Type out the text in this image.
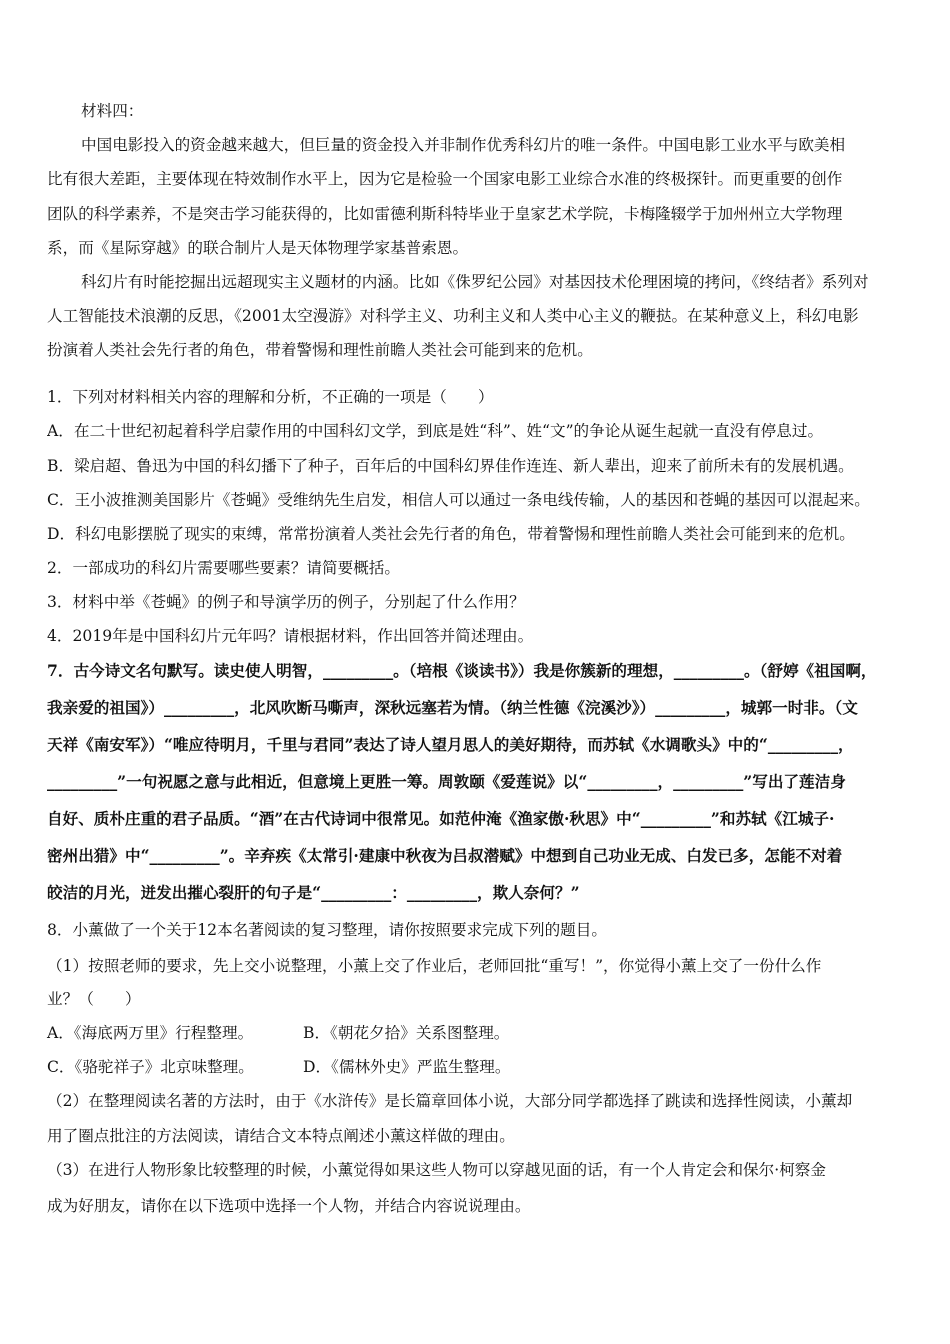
材料四：
中国电影投入的资金越来越大，但巨量的资金投入并非制作优秀科幻片的唯一条件。中国电影工业水平与欧美相
比有很大差距，主要体现在特效制作水平上，因为它是检验一个国家电影工业综合水准的终极探针。而更重要的创作
团队的科学素养，不是突击学习能获得的，比如雷德利斯科特毕业于皇家艺术学院，卡梅隆辍学于加州州立大学物理
系，而《星际穿越》的联合制片人是天体物理学家基普索恩。
科幻片有时能挖掘出远超现实主义题材的内涵。比如《侏罗纪公园》对基因技术伦理困境的拷问，《终结者》系列对
人工智能技术浪潮的反思，《2001太空漫游》对科学主义、功利主义和人类中心主义的鞭挞。在某种意义上，科幻电影
扮演着人类社会先行者的角色，带着警惕和理性前瞻人类社会可能到来的危机。
1．下列对材料相关内容的理解和分析，不正确的一项是（　　）
A．在二十世纪初起着科学启蒙作用的中国科幻文学，到底是姓“科”、姓“文”的争论从诞生起就一直没有停息过。
B．梁启超、鲁迅为中国的科幻播下了种子，百年后的中国科幻界佳作连连、新人辈出，迎来了前所未有的发展机遇。
C．王小波推测美国影片《苍蝇》受维纳先生启发，相信人可以通过一条电线传输，人的基因和苍蝇的基因可以混起来。
D．科幻电影摆脱了现实的束缚，常常扮演着人类社会先行者的角色，带着警惕和理性前瞻人类社会可能到来的危机。
2．一部成功的科幻片需要哪些要素？请简要概括。
3．材料中举《苍蝇》的例子和导演学历的例子，分别起了什么作用？
4．2019年是中国科幻片元年吗？请根据材料，作出回答并简述理由。
7．古今诗文名句默写。读史使人明智，_________。（培根《谈读书》）我是你簇新的理想，_________。（舒婷《祖国啊，
我亲爱的祖国》）_________，北风吹断马嘶声，深秋远塞若为情。（纳兰性德《浣溪沙》）_________，城郭一时非。（文
天祥《南安军》）“唯应待明月，千里与君同”表达了诗人望月思人的美好期待，而苏轼《水调歌头》中的“_________，
_________”一句祝愿之意与此相近，但意境上更胜一筹。周敦颐《爱莲说》以“_________，_________”写出了莲洁身
自好、质朴庄重的君子品质。“酒”在古代诗词中很常见。如范仲淹《渔家傲·秋思》中“_________”和苏轼《江城子·
密州出猎》中“_________”。辛弃疾《太常引·建康中秋夜为吕叔潜赋》中想到自己功业无成、白发已多，怎能不对着
皎洁的月光，迸发出摧心裂肝的句子是“_________：_________，欺人奈何？”
8．小薰做了一个关于12本名著阅读的复习整理，请你按照要求完成下列的题目。
（1）按照老师的要求，先上交小说整理，小薰上交了作业后，老师回批“重写！”，你觉得小薰上交了一份什么作
业？（　　）
A．《海底两万里》行程整理。	B．《朝花夕拾》关系图整理。
C．《骆驼祥子》北京味整理。	D．《儒林外史》严监生整理。
（2）在整理阅读名著的方法时，由于《水浒传》是长篇章回体小说，大部分同学都选择了跳读和选择性阅读，小薰却
用了圈点批注的方法阅读，请结合文本特点阐述小薰这样做的理由。
（3）在进行人物形象比较整理的时候，小薰觉得如果这些人物可以穿越见面的话，有一个人肯定会和保尔·柯察金
成为好朋友，请你在以下选项中选择一个人物，并结合内容说说理由。
